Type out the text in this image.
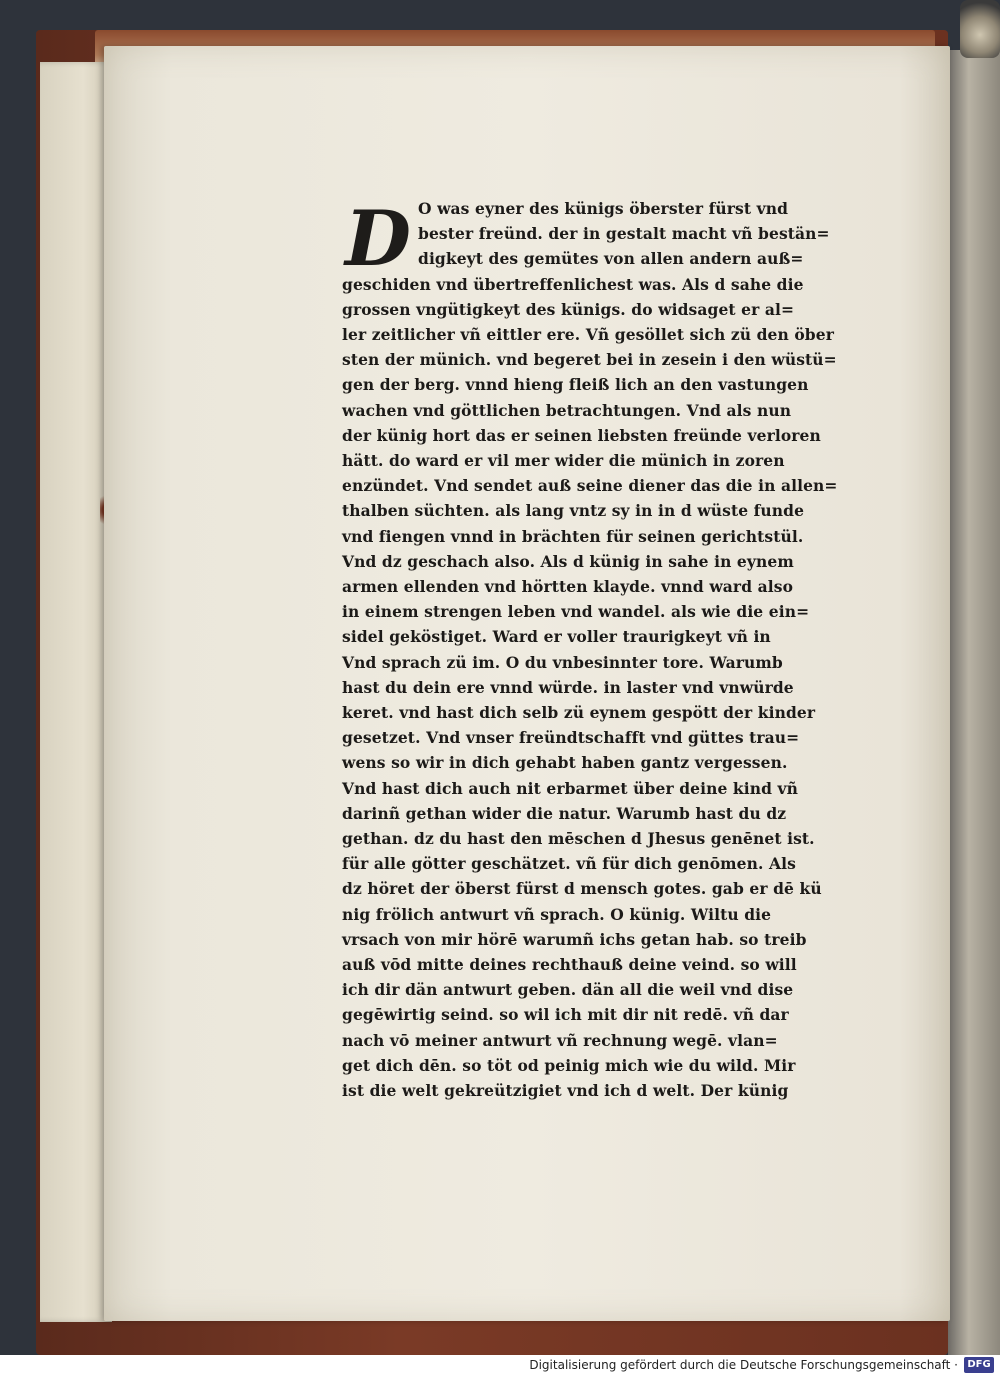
D O was eyner des künigs öberster fürst vnd
bester freünd. der in gestalt macht vñ bestän=
digkeyt des gemütes von allen andern auß=
geschiden vnd übertreffenlichest was. Als d sahe die
grossen vngütigkeyt des künigs. do widsaget er al=
ler zeitlicher vñ eittler ere. Vñ gesöllet sich zü den öber
sten der münich. vnd begeret bei in zesein i den wüstü=
gen der berg. vnnd hieng fleiß lich an den vastungen
wachen vnd göttlichen betrachtungen. Vnd als nun
der künig hort das er seinen liebsten freünde verloren
hätt. do ward er vil mer wider die münich in zoren
enzündet. Vnd sendet auß seine diener das die in allen=
thalben süchten. als lang vntz sy in in d wüste funde
vnd fiengen vnnd in brächten für seinen gerichtstül.
Vnd dz geschach also. Als d künig in sahe in eynem
armen ellenden vnd hörtten klayde. vnnd ward also
in einem strengen leben vnd wandel. als wie die ein=
sidel geköstiget. Ward er voller traurigkeyt vñ in
Vnd sprach zü im. O du vnbesinnter tore. Warumb
hast du dein ere vnnd würde. in laster vnd vnwürde
keret. vnd hast dich selb zü eynem gespött der kinder
gesetzet. Vnd vnser freündtschafft vnd güttes trau=
wens so wir in dich gehabt haben gantz vergessen.
Vnd hast dich auch nit erbarmet über deine kind vñ
darinñ gethan wider die natur. Warumb hast du dz
gethan. dz du hast den mēschen d Jhesus genēnet ist.
für alle götter geschätzet. vñ für dich genōmen. Als
dz höret der öberst fürst d mensch gotes. gab er dē kü
nig frölich antwurt vñ sprach. O künig. Wiltu die
vrsach von mir hörē warumñ ichs getan hab. so treib
auß vōd mitte deines rechthauß deine veind. so will
ich dir dän antwurt geben. dän all die weil vnd dise
gegēwirtig seind. so wil ich mit dir nit redē. vñ dar
nach vō meiner antwurt vñ rechnung wegē. vlan=
get dich dēn. so töt od peinig mich wie du wild. Mir
ist die welt gekreützigiet vnd ich d welt. Der künig
Digitalisierung gefördert durch die Deutsche Forschungsgemeinschaft · DFG
